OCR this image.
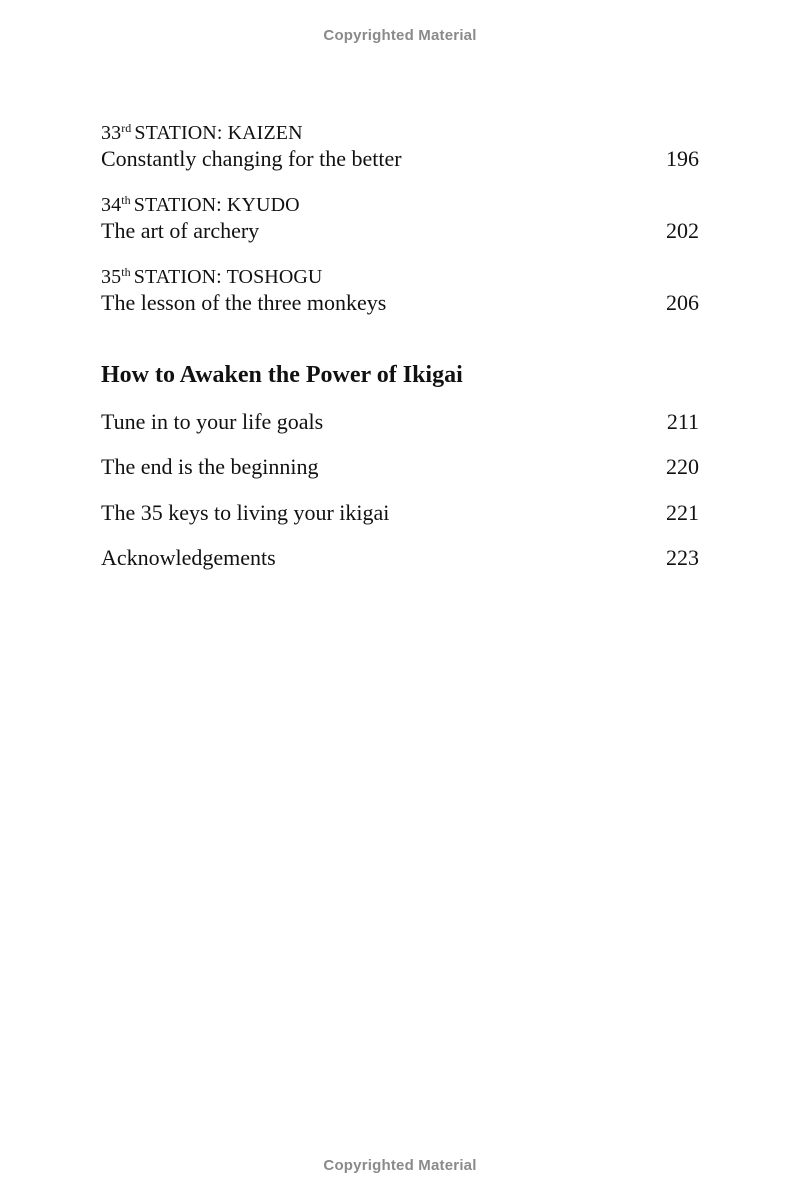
Copyrighted Material
33rd STATION: KAIZEN
Constantly changing for the better	196
34th STATION: KYUDO
The art of archery	202
35th STATION: TOSHOGU
The lesson of the three monkeys	206
How to Awaken the Power of Ikigai
Tune in to your life goals	211
The end is the beginning	220
The 35 keys to living your ikigai	221
Acknowledgements	223
Copyrighted Material
